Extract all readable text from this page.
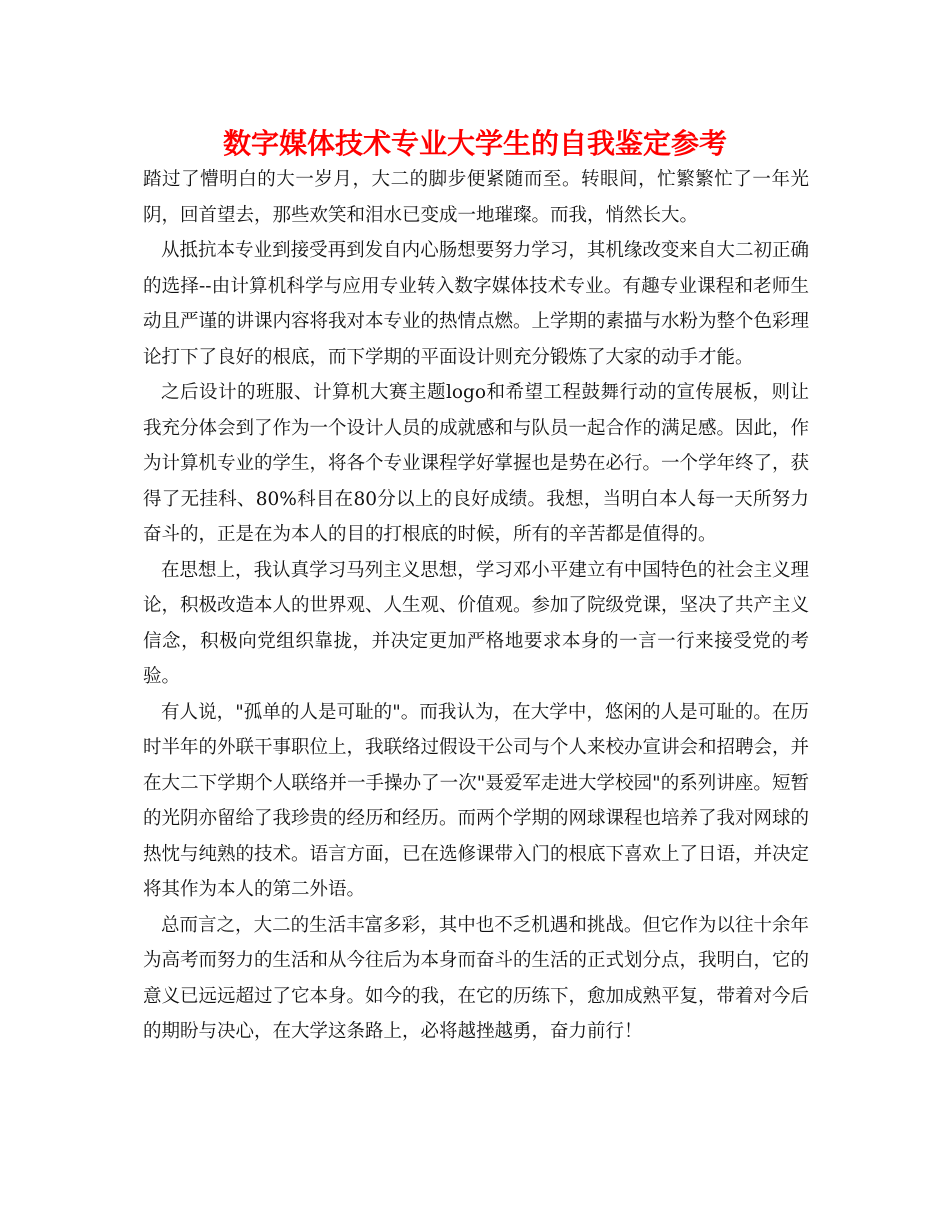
数字媒体技术专业大学生的自我鉴定参考

踏过了懵明白的大一岁月，大二的脚步便紧随而至。转眼间，忙繁繁忙了一年光阴，回首望去，那些欢笑和泪水已变成一地璀璨。而我，悄然长大。

从抵抗本专业到接受再到发自内心肠想要努力学习，其机缘改变来自大二初正确的选择--由计算机科学与应用专业转入数字媒体技术专业。有趣专业课程和老师生动且严谨的讲课内容将我对本专业的热情点燃。上学期的素描与水粉为整个色彩理论打下了良好的根底，而下学期的平面设计则充分锻炼了大家的动手才能。

之后设计的班服、计算机大赛主题logo和希望工程鼓舞行动的宣传展板，则让我充分体会到了作为一个设计人员的成就感和与队员一起合作的满足感。因此，作为计算机专业的学生，将各个专业课程学好掌握也是势在必行。一个学年终了，获得了无挂科、80%科目在80分以上的良好成绩。我想，当明白本人每一天所努力奋斗的，正是在为本人的目的打根底的时候，所有的辛苦都是值得的。

在思想上，我认真学习马列主义思想，学习邓小平建立有中国特色的社会主义理论，积极改造本人的世界观、人生观、价值观。参加了院级党课，坚决了共产主义信念，积极向党组织靠拢，并决定更加严格地要求本身的一言一行来接受党的考验。

有人说，"孤单的人是可耻的"。而我认为，在大学中，悠闲的人是可耻的。在历时半年的外联干事职位上，我联络过假设干公司与个人来校办宣讲会和招聘会，并在大二下学期个人联络并一手操办了一次"聂爱军走进大学校园"的系列讲座。短暂的光阴亦留给了我珍贵的经历和经历。而两个学期的网球课程也培养了我对网球的热忱与纯熟的技术。语言方面，已在选修课带入门的根底下喜欢上了日语，并决定将其作为本人的第二外语。

总而言之，大二的生活丰富多彩，其中也不乏机遇和挑战。但它作为以往十余年为高考而努力的生活和从今往后为本身而奋斗的生活的正式划分点，我明白，它的意义已远远超过了它本身。如今的我，在它的历练下，愈加成熟平复，带着对今后的期盼与决心，在大学这条路上，必将越挫越勇，奋力前行！
